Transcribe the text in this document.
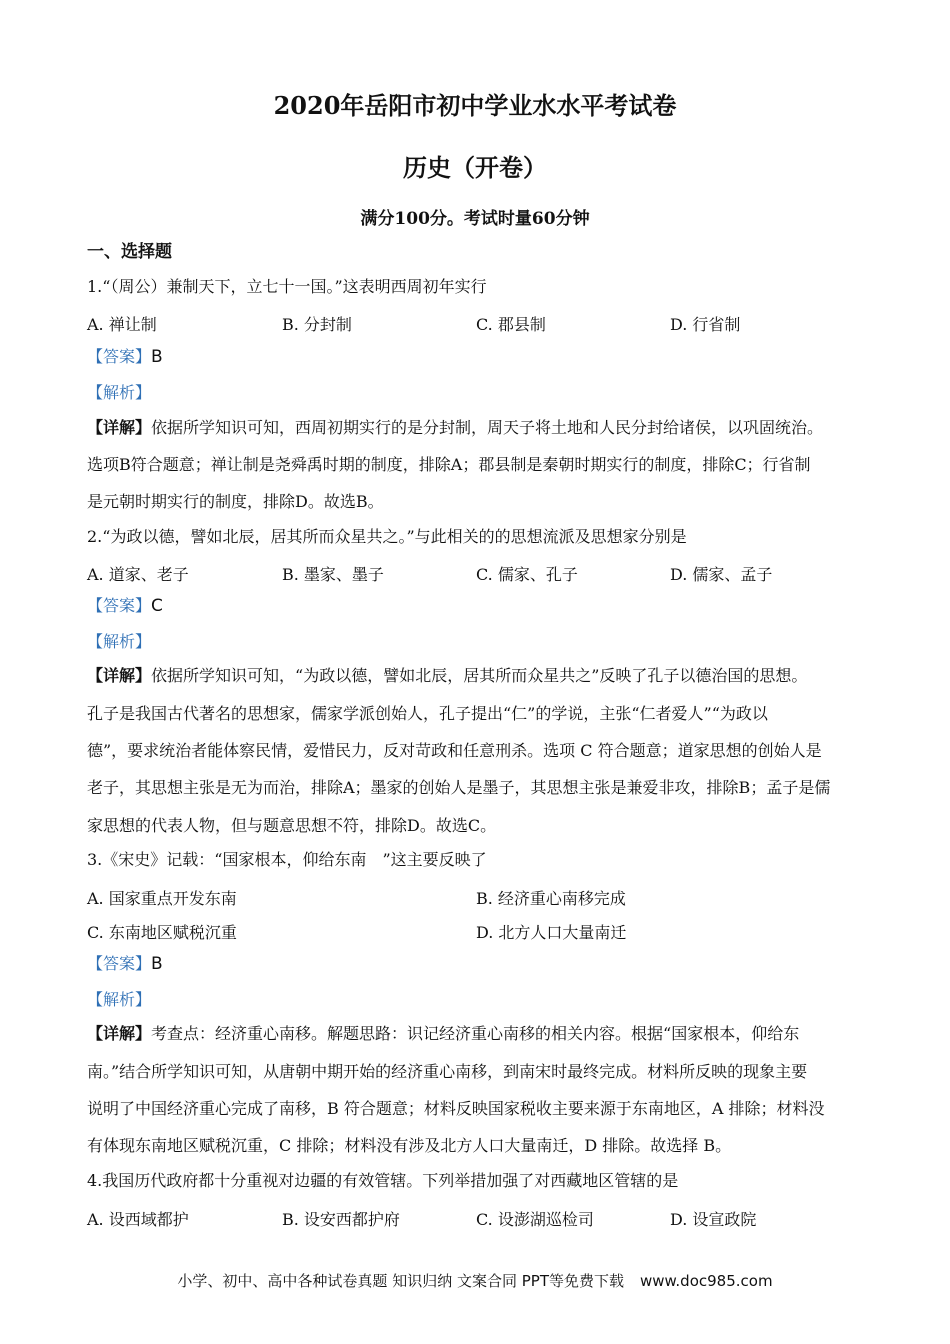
2020年岳阳市初中学业水水平考试卷
历史（开卷）
满分100分。考试时量60分钟
一、选择题
1.“（周公）兼制天下，立七十一国。”这表明西周初年实行
A. 禅让制	B. 分封制	C. 郡县制	D. 行省制
【答案】B
【解析】
【详解】依据所学知识可知，西周初期实行的是分封制，周天子将土地和人民分封给诸侯，以巩固统治。
选项B符合题意；禅让制是尧舜禹时期的制度，排除A；郡县制是秦朝时期实行的制度，排除C；行省制
是元朝时期实行的制度，排除D。故选B。
2.“为政以德，譬如北辰，居其所而众星共之。”与此相关的的思想流派及思想家分别是
A. 道家、老子	B. 墨家、墨子	C. 儒家、孔子	D. 儒家、孟子
【答案】C
【解析】
【详解】依据所学知识可知，“为政以德，譬如北辰，居其所而众星共之”反映了孔子以德治国的思想。
孔子是我国古代著名的思想家，儒家学派创始人，孔子提出“仁”的学说，主张“仁者爱人”“为政以
德”，要求统治者能体察民情，爱惜民力，反对苛政和任意刑杀。选项 C 符合题意；道家思想的创始人是
老子，其思想主张是无为而治，排除A；墨家的创始人是墨子，其思想主张是兼爱非攻，排除B；孟子是儒
家思想的代表人物，但与题意思想不符，排除D。故选C。
3.《宋史》记载：“国家根本，仰给东南　”这主要反映了
A. 国家重点开发东南	B. 经济重心南移完成
C. 东南地区赋税沉重	D. 北方人口大量南迁
【答案】B
【解析】
【详解】考查点：经济重心南移。解题思路：识记经济重心南移的相关内容。根据“国家根本，仰给东
南。”结合所学知识可知，从唐朝中期开始的经济重心南移，到南宋时最终完成。材料所反映的现象主要
说明了中国经济重心完成了南移，B 符合题意；材料反映国家税收主要来源于东南地区，A 排除；材料没
有体现东南地区赋税沉重，C 排除；材料没有涉及北方人口大量南迁，D 排除。故选择 B。
4.我国历代政府都十分重视对边疆的有效管辖。下列举措加强了对西藏地区管辖的是
A. 设西域都护	B. 设安西都护府	C. 设澎湖巡检司	D. 设宣政院
小学、初中、高中各种试卷真题 知识归纳 文案合同 PPT等免费下载 www.doc985.com
